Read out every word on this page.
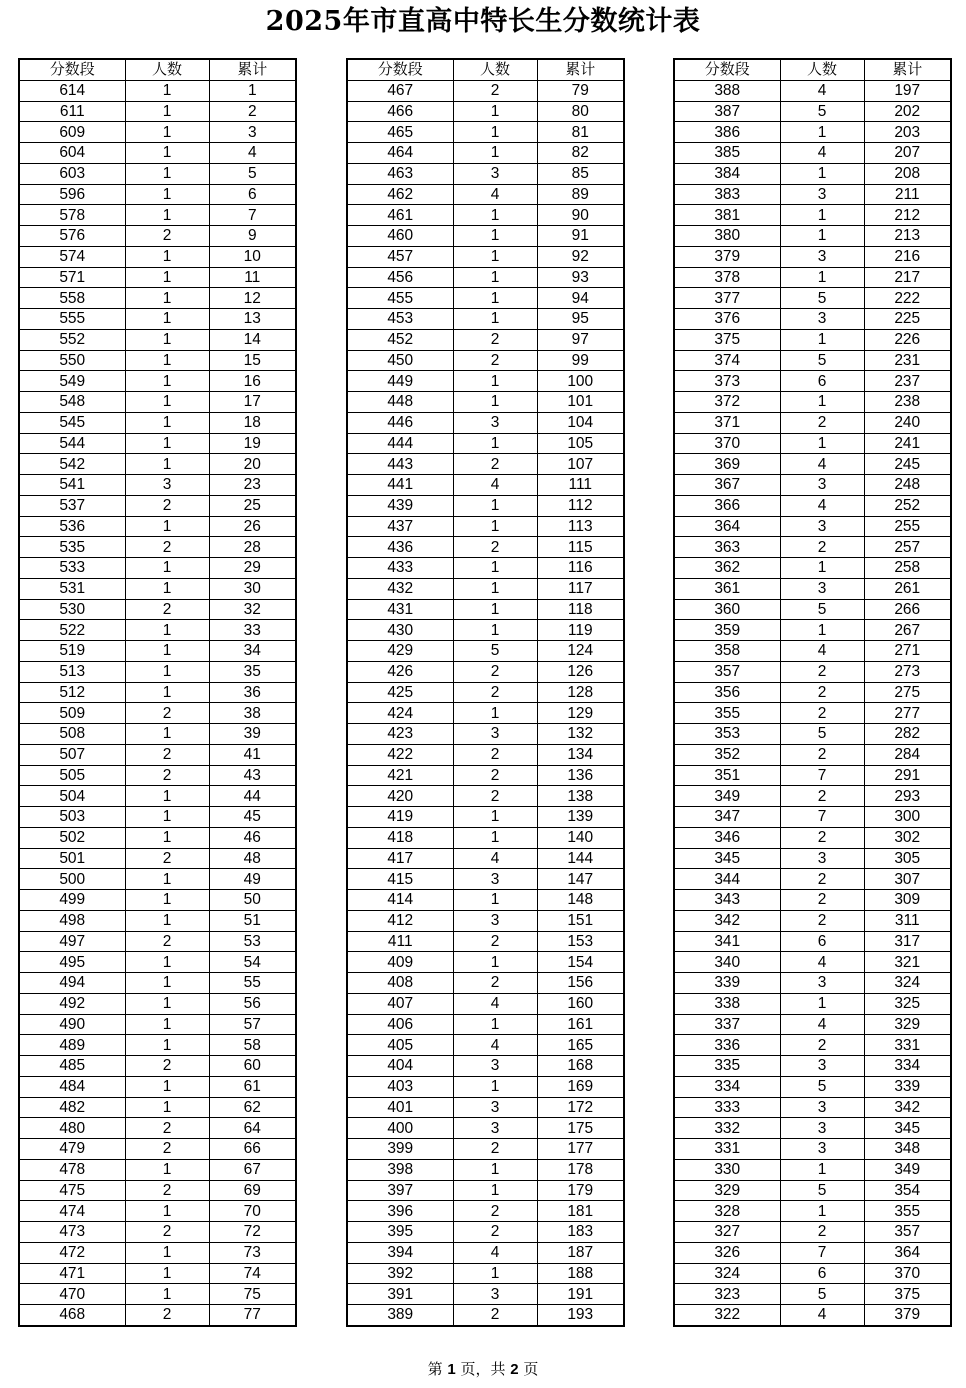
2025年市直高中特长生分数统计表
分数段	人数	累计
614	1	1
611	1	2
609	1	3
604	1	4
603	1	5
596	1	6
578	1	7
576	2	9
574	1	10
571	1	11
558	1	12
555	1	13
552	1	14
550	1	15
549	1	16
548	1	17
545	1	18
544	1	19
542	1	20
541	3	23
537	2	25
536	1	26
535	2	28
533	1	29
531	1	30
530	2	32
522	1	33
519	1	34
513	1	35
512	1	36
509	2	38
508	1	39
507	2	41
505	2	43
504	1	44
503	1	45
502	1	46
501	2	48
500	1	49
499	1	50
498	1	51
497	2	53
495	1	54
494	1	55
492	1	56
490	1	57
489	1	58
485	2	60
484	1	61
482	1	62
480	2	64
479	2	66
478	1	67
475	2	69
474	1	70
473	2	72
472	1	73
471	1	74
470	1	75
468	2	77
分数段	人数	累计
467	2	79
466	1	80
465	1	81
464	1	82
463	3	85
462	4	89
461	1	90
460	1	91
457	1	92
456	1	93
455	1	94
453	1	95
452	2	97
450	2	99
449	1	100
448	1	101
446	3	104
444	1	105
443	2	107
441	4	111
439	1	112
437	1	113
436	2	115
433	1	116
432	1	117
431	1	118
430	1	119
429	5	124
426	2	126
425	2	128
424	1	129
423	3	132
422	2	134
421	2	136
420	2	138
419	1	139
418	1	140
417	4	144
415	3	147
414	1	148
412	3	151
411	2	153
409	1	154
408	2	156
407	4	160
406	1	161
405	4	165
404	3	168
403	1	169
401	3	172
400	3	175
399	2	177
398	1	178
397	1	179
396	2	181
395	2	183
394	4	187
392	1	188
391	3	191
389	2	193
分数段	人数	累计
388	4	197
387	5	202
386	1	203
385	4	207
384	1	208
383	3	211
381	1	212
380	1	213
379	3	216
378	1	217
377	5	222
376	3	225
375	1	226
374	5	231
373	6	237
372	1	238
371	2	240
370	1	241
369	4	245
367	3	248
366	4	252
364	3	255
363	2	257
362	1	258
361	3	261
360	5	266
359	1	267
358	4	271
357	2	273
356	2	275
355	2	277
353	5	282
352	2	284
351	7	291
349	2	293
347	7	300
346	2	302
345	3	305
344	2	307
343	2	309
342	2	311
341	6	317
340	4	321
339	3	324
338	1	325
337	4	329
336	2	331
335	3	334
334	5	339
333	3	342
332	3	345
331	3	348
330	1	349
329	5	354
328	1	355
327	2	357
326	7	364
324	6	370
323	5	375
322	4	379
第 1 页，共 2 页
